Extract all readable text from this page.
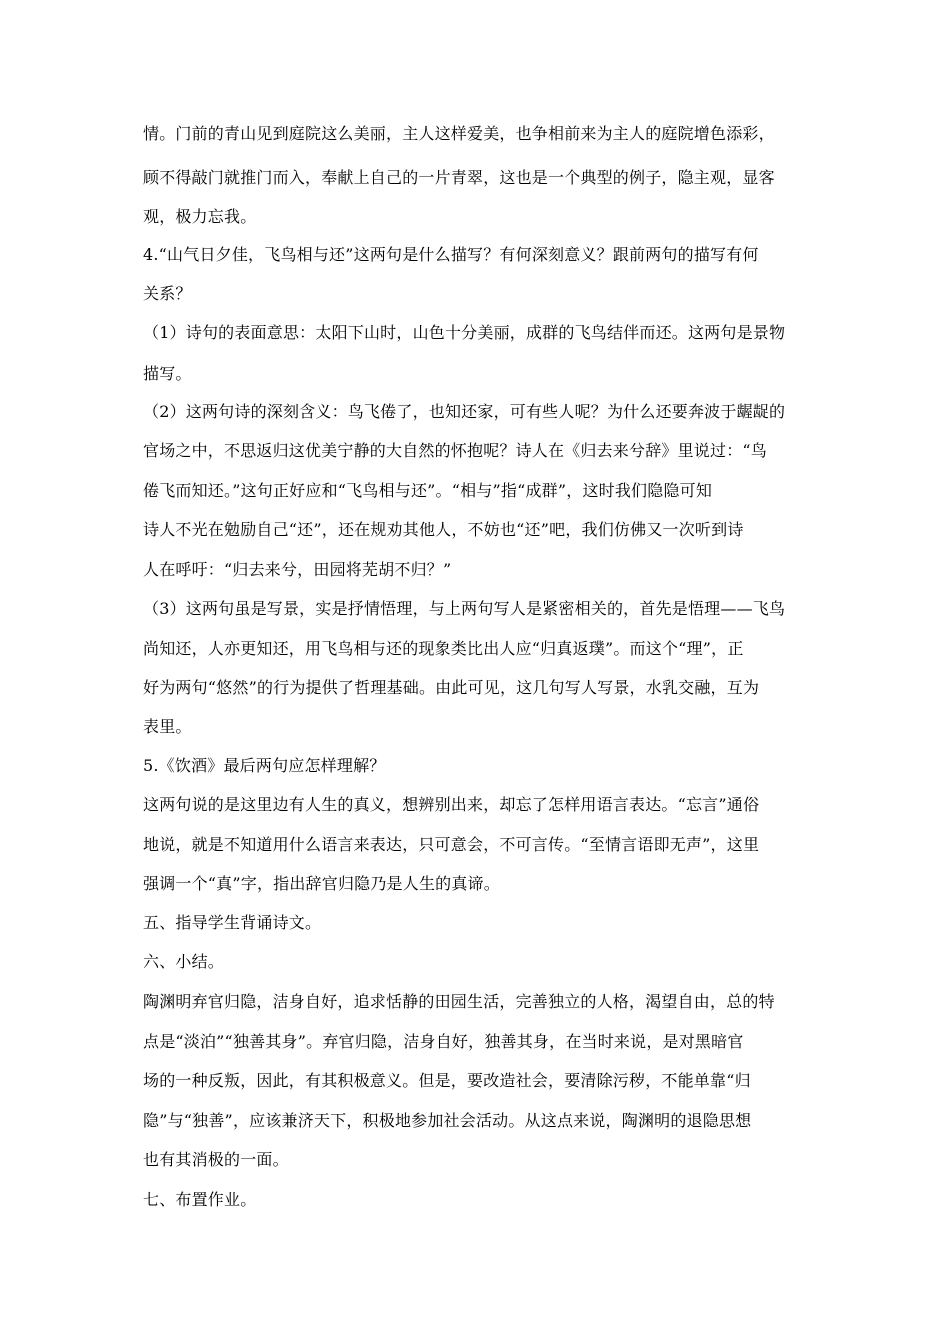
情。门前的青山见到庭院这么美丽，主人这样爱美，也争相前来为主人的庭院增色添彩，
顾不得敲门就推门而入，奉献上自己的一片青翠，这也是一个典型的例子，隐主观，显客
观，极力忘我。
4.“山气日夕佳，飞鸟相与还”这两句是什么描写？有何深刻意义？跟前两句的描写有何
关系？
（1）诗句的表面意思：太阳下山时，山色十分美丽，成群的飞鸟结伴而还。这两句是景物
描写。
（2）这两句诗的深刻含义：鸟飞倦了，也知还家，可有些人呢？为什么还要奔波于龌龊的
官场之中，不思返归这优美宁静的大自然的怀抱呢？诗人在《归去来兮辞》里说过：“鸟
倦飞而知还。”这句正好应和“飞鸟相与还”。“相与”指“成群”，这时我们隐隐可知
诗人不光在勉励自己“还”，还在规劝其他人，不妨也“还”吧，我们仿佛又一次听到诗
人在呼吁：“归去来兮，田园将芜胡不归？”
（3）这两句虽是写景，实是抒情悟理，与上两句写人是紧密相关的，首先是悟理——飞鸟
尚知还，人亦更知还，用飞鸟相与还的现象类比出人应“归真返璞”。而这个“理”，正
好为两句“悠然”的行为提供了哲理基础。由此可见，这几句写人写景，水乳交融，互为
表里。
5.《饮酒》最后两句应怎样理解？
这两句说的是这里边有人生的真义，想辨别出来，却忘了怎样用语言表达。“忘言”通俗
地说，就是不知道用什么语言来表达，只可意会，不可言传。“至情言语即无声”，这里
强调一个“真”字，指出辞官归隐乃是人生的真谛。
五、指导学生背诵诗文。
六、小结。
陶渊明弃官归隐，洁身自好，追求恬静的田园生活，完善独立的人格，渴望自由，总的特
点是“淡泊”“独善其身”。弃官归隐，洁身自好，独善其身，在当时来说，是对黑暗官
场的一种反叛，因此，有其积极意义。但是，要改造社会，要清除污秽，不能单靠“归
隐”与“独善”，应该兼济天下，积极地参加社会活动。从这点来说，陶渊明的退隐思想
也有其消极的一面。
七、布置作业。
